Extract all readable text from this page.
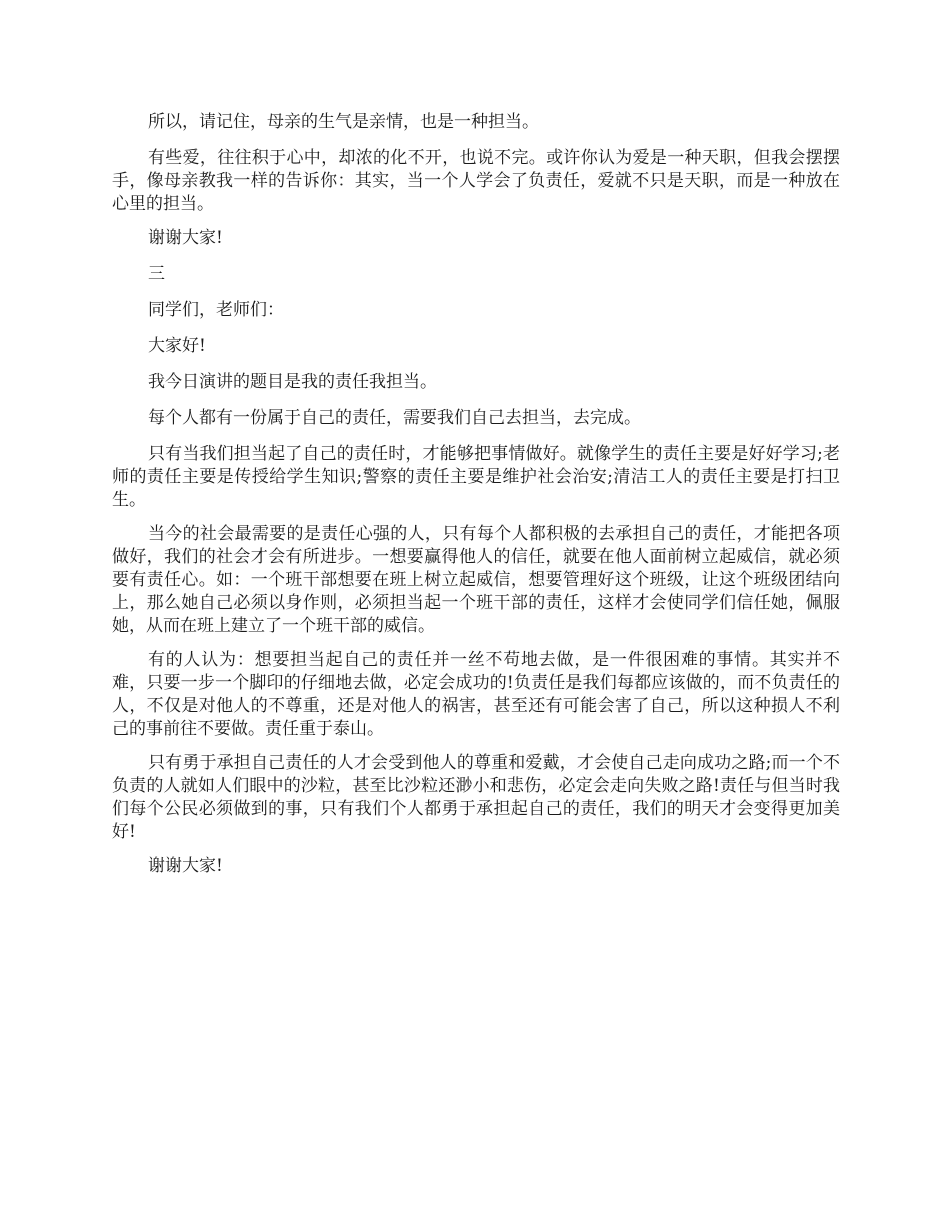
所以，请记住，母亲的生气是亲情，也是一种担当。

有些爱，往往积于心中，却浓的化不开，也说不完。或许你认为爱是一种天职，但我会摆摆手，像母亲教我一样的告诉你：其实，当一个人学会了负责任，爱就不只是天职，而是一种放在心里的担当。

谢谢大家!

三

同学们，老师们：

大家好!

我今日演讲的题目是我的责任我担当。

每个人都有一份属于自己的责任，需要我们自己去担当，去完成。

只有当我们担当起了自己的责任时，才能够把事情做好。就像学生的责任主要是好好学习;老师的责任主要是传授给学生知识;警察的责任主要是维护社会治安;清洁工人的责任主要是打扫卫生。

当今的社会最需要的是责任心强的人，只有每个人都积极的去承担自己的责任，才能把各项做好，我们的社会才会有所进步。一想要赢得他人的信任，就要在他人面前树立起威信，就必须要有责任心。如：一个班干部想要在班上树立起威信，想要管理好这个班级，让这个班级团结向上，那么她自己必须以身作则，必须担当起一个班干部的责任，这样才会使同学们信任她，佩服她，从而在班上建立了一个班干部的威信。

有的人认为：想要担当起自己的责任并一丝不苟地去做，是一件很困难的事情。其实并不难，只要一步一个脚印的仔细地去做，必定会成功的!负责任是我们每都应该做的，而不负责任的人，不仅是对他人的不尊重，还是对他人的祸害，甚至还有可能会害了自己，所以这种损人不利己的事前往不要做。责任重于泰山。

只有勇于承担自己责任的人才会受到他人的尊重和爱戴，才会使自己走向成功之路;而一个不负责的人就如人们眼中的沙粒，甚至比沙粒还渺小和悲伤，必定会走向失败之路!责任与但当时我们每个公民必须做到的事，只有我们个人都勇于承担起自己的责任，我们的明天才会变得更加美好!

谢谢大家!
